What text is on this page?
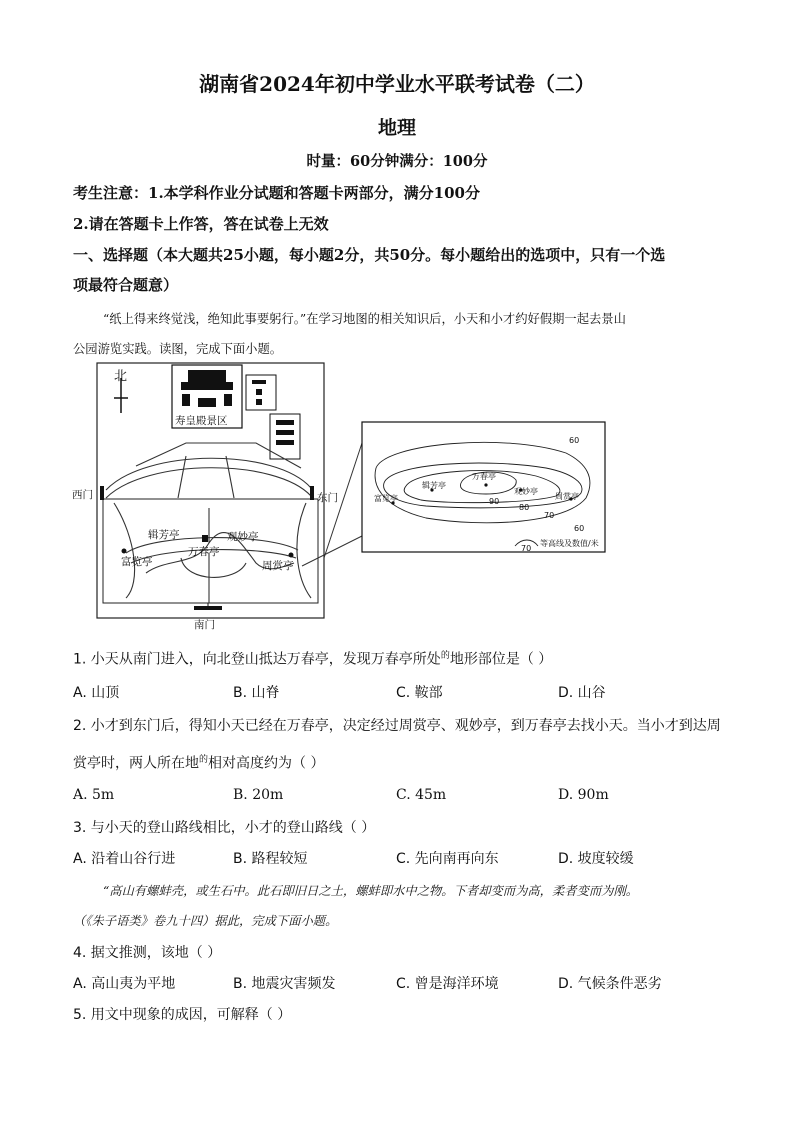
湖南省2024年初中学业水平联考试卷（二）
地理
时量：60分钟满分：100分
考生注意：1.本学科作业分试题和答题卡两部分，满分100分
2.请在答题卡上作答，答在试卷上无效
一、选择题（本大题共25小题，每小题2分，共50分。每小题给出的选项中，只有一个选
项最符合题意）
“纸上得来终觉浅，绝知此事要躬行。”在学习地图的相关知识后，小天和小才约好假期一起去景山
公园游览实践。读图，完成下面小题。
北
寿皇殿景区
西门	东门
南门
辑芳亭
万春亭
观妙亭
富览亭	周赏亭
60
90
80
70
60
富览亭
辑芳亭
万春亭
观妙亭
周赏亭
70
等高线及数值/米
1. 小天从南门进入，向北登山抵达万春亭，发现万春亭所处$^的$地形部位是（ ）
A. 山顶	B. 山脊	C. 鞍部	D. 山谷
2. 小才到东门后，得知小天已经在万春亭，决定经过周赏亭、观妙亭，到万春亭去找小天。当小才到达周
赏亭时，两人所在地$^的$相对高度约为（ ）
A. 5m	B. 20m	C. 45m	D. 90m
3. 与小天的登山路线相比，小才的登山路线（ ）
A. 沿着山谷行进	B. 路程较短	C. 先向南再向东	D. 坡度较缓
“高山有螺蚌壳，或生石中。此石即旧日之土，螺蚌即水中之物。下者却变而为高，柔者变而为刚。
（《朱子语类》卷九十四）据此，完成下面小题。
4. 据文推测，该地（ ）
A. 高山夷为平地	B. 地震灾害频发	C. 曾是海洋环境	D. 气候条件恶劣
5. 用文中现象的成因，可解释（ ）
